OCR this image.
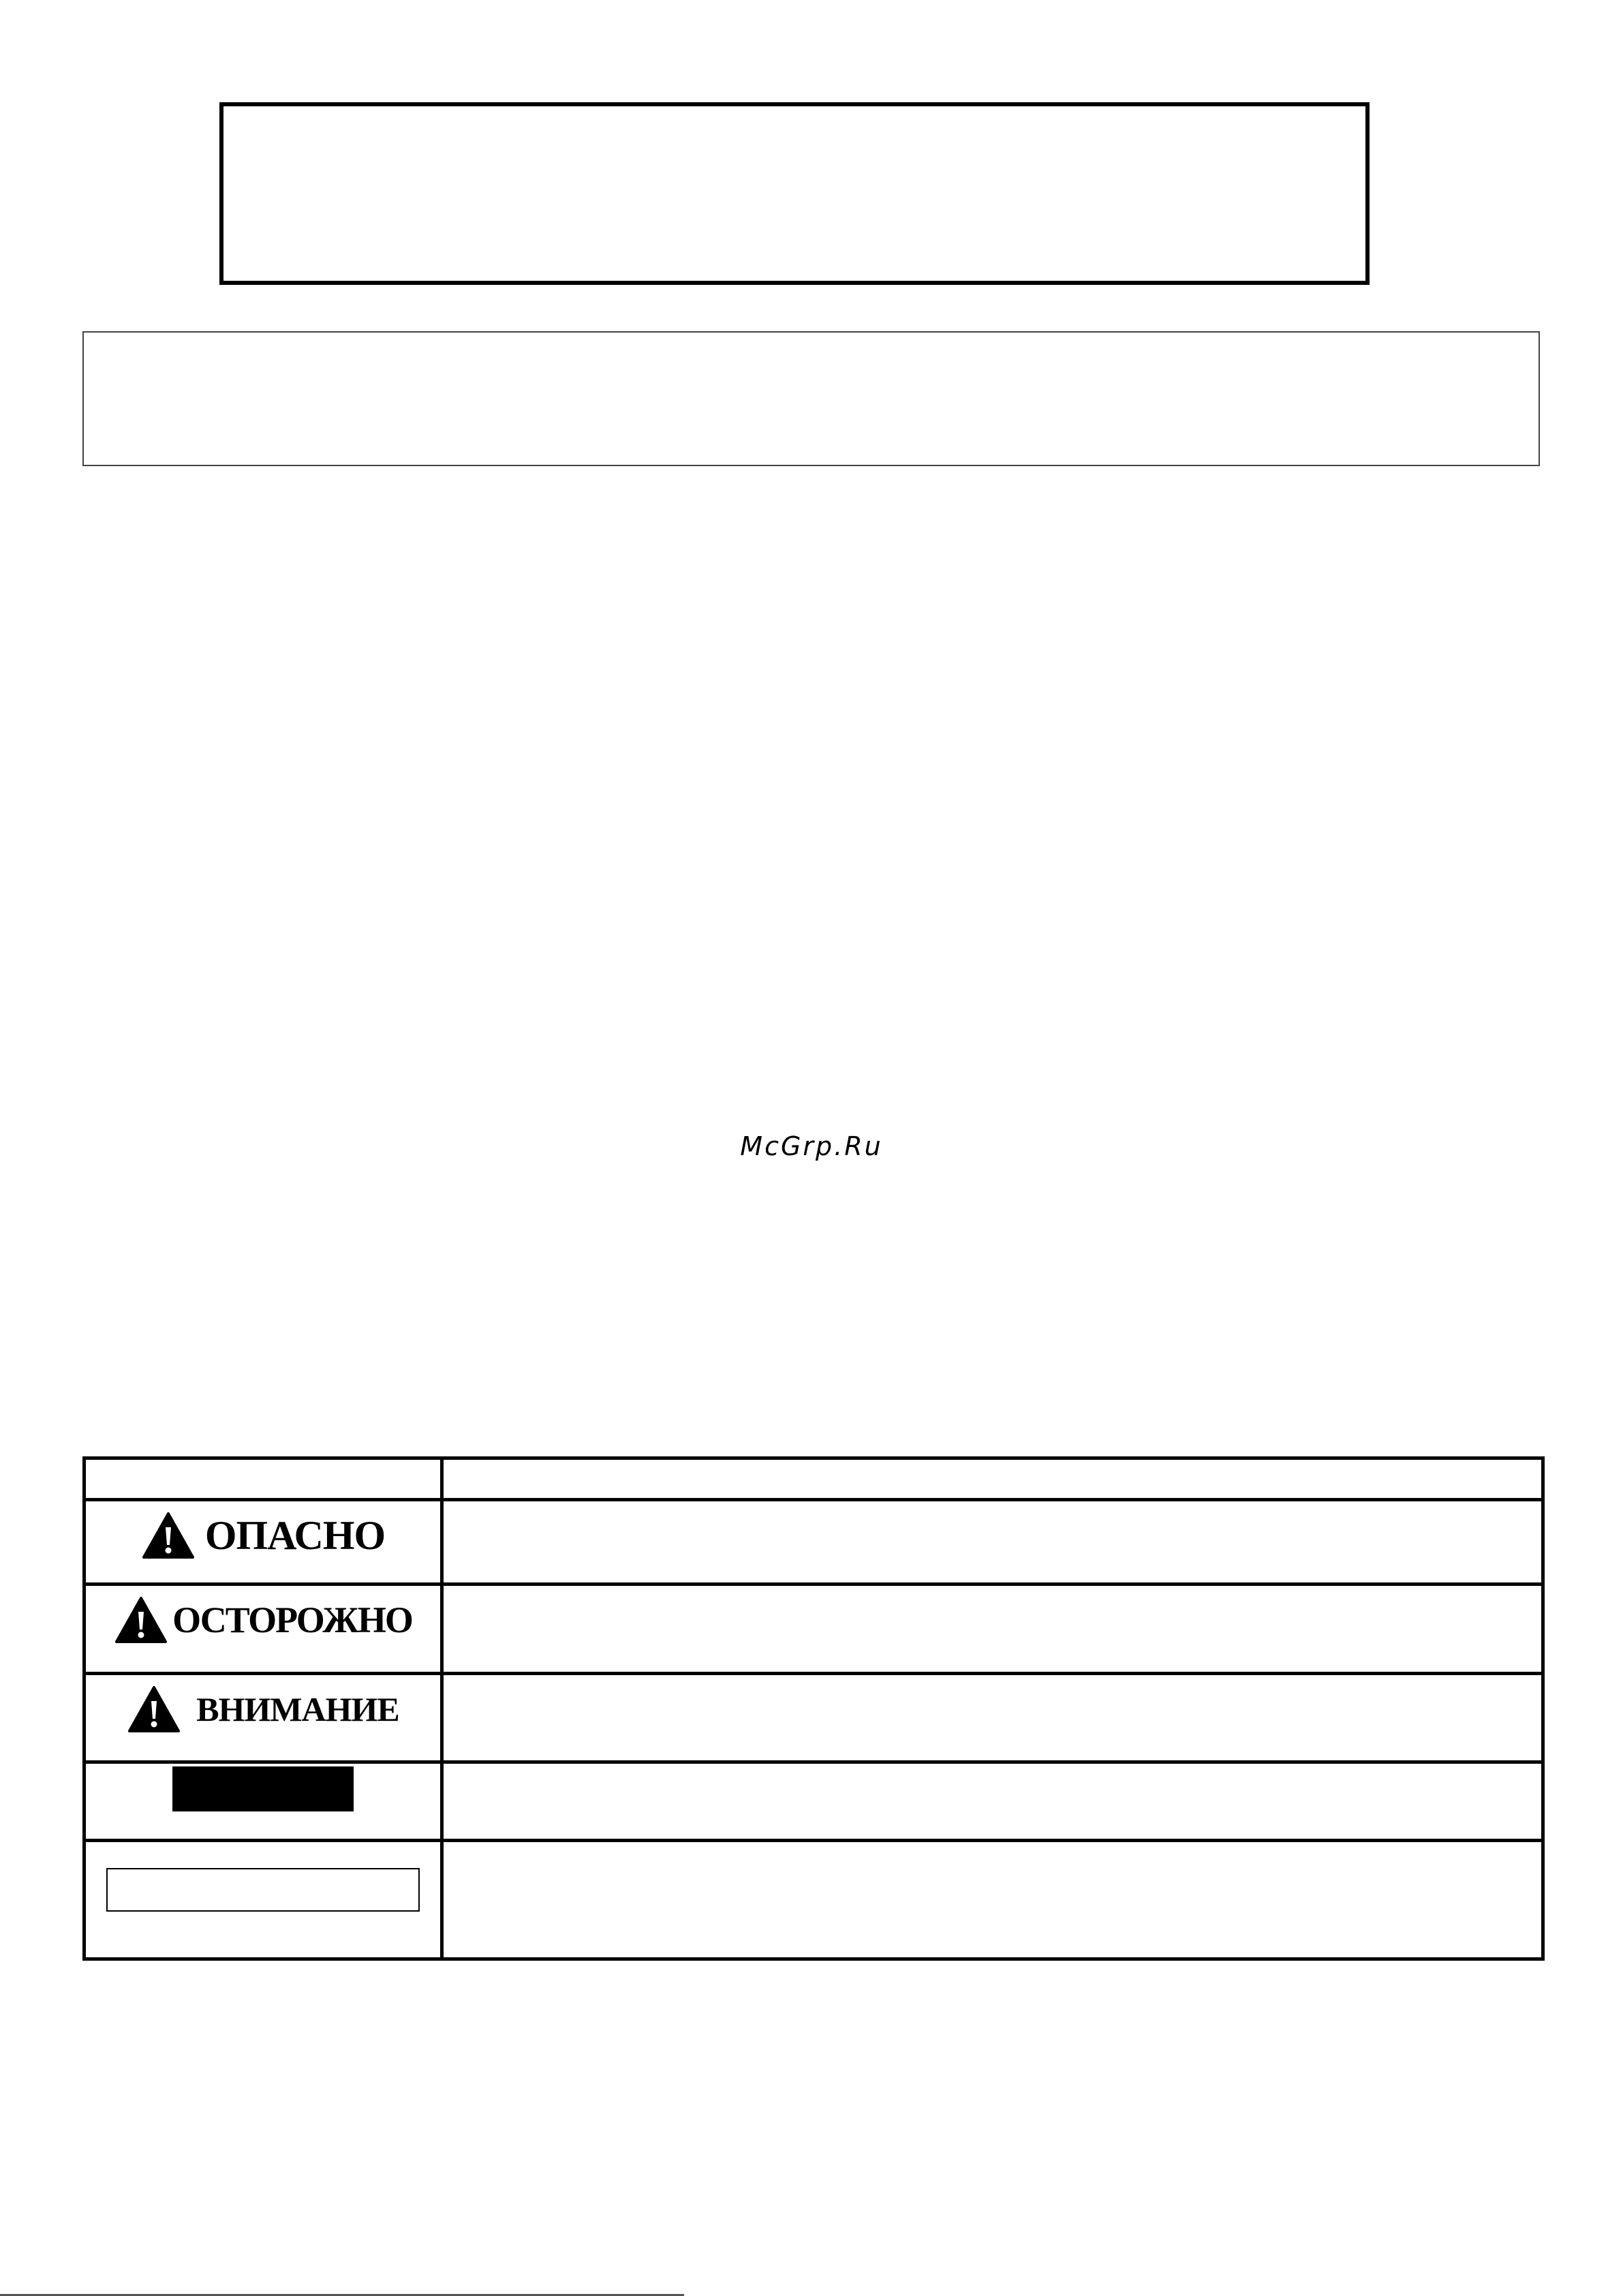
McGrp.Ru

ОПАСНО	

ОСТОРОЖНО	

ВНИМАНИЕ	
